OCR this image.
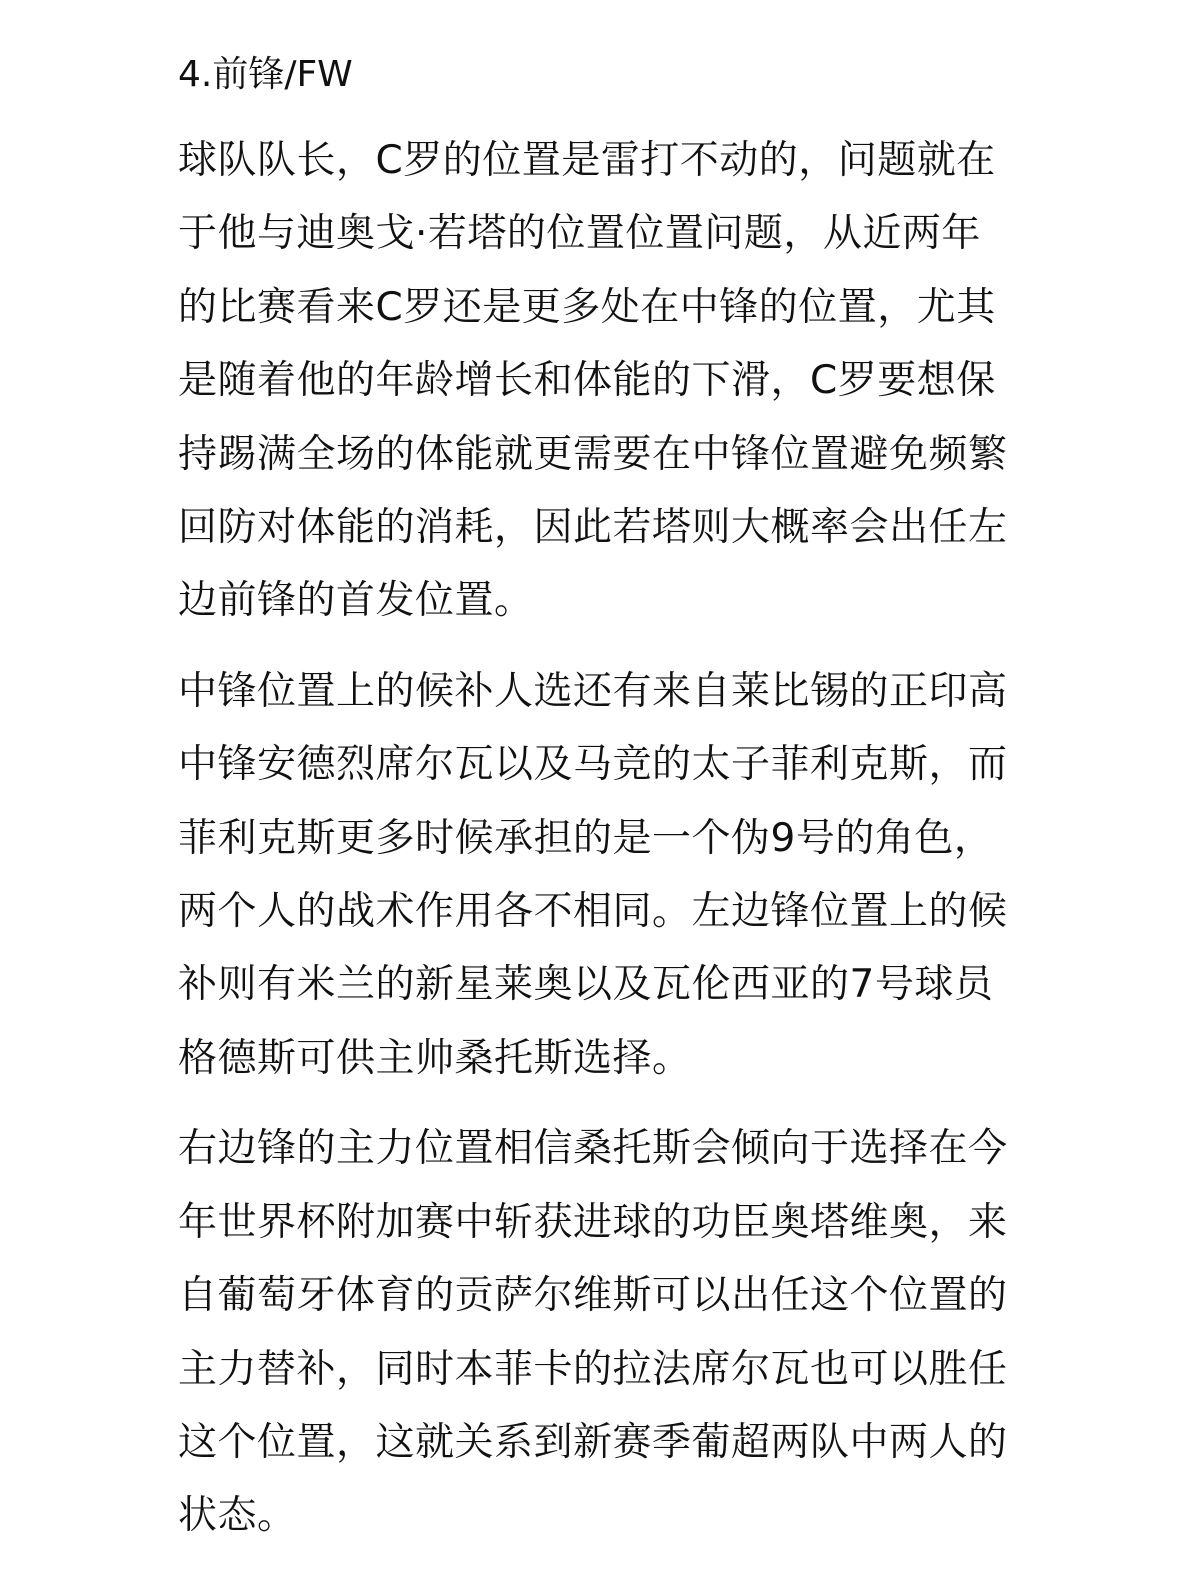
4.前锋/FW

球队队长，C罗的位置是雷打不动的，问题就在
于他与迪奥戈·若塔的位置位置问题，从近两年
的比赛看来C罗还是更多处在中锋的位置，尤其
是随着他的年龄增长和体能的下滑，C罗要想保
持踢满全场的体能就更需要在中锋位置避免频繁
回防对体能的消耗，因此若塔则大概率会出任左
边前锋的首发位置。

中锋位置上的候补人选还有来自莱比锡的正印高
中锋安德烈席尔瓦以及马竞的太子菲利克斯，而
菲利克斯更多时候承担的是一个伪9号的角色，
两个人的战术作用各不相同。左边锋位置上的候
补则有米兰的新星莱奥以及瓦伦西亚的7号球员
格德斯可供主帅桑托斯选择。

右边锋的主力位置相信桑托斯会倾向于选择在今
年世界杯附加赛中斩获进球的功臣奥塔维奥，来
自葡萄牙体育的贡萨尔维斯可以出任这个位置的
主力替补，同时本菲卡的拉法席尔瓦也可以胜任
这个位置，这就关系到新赛季葡超两队中两人的
状态。
